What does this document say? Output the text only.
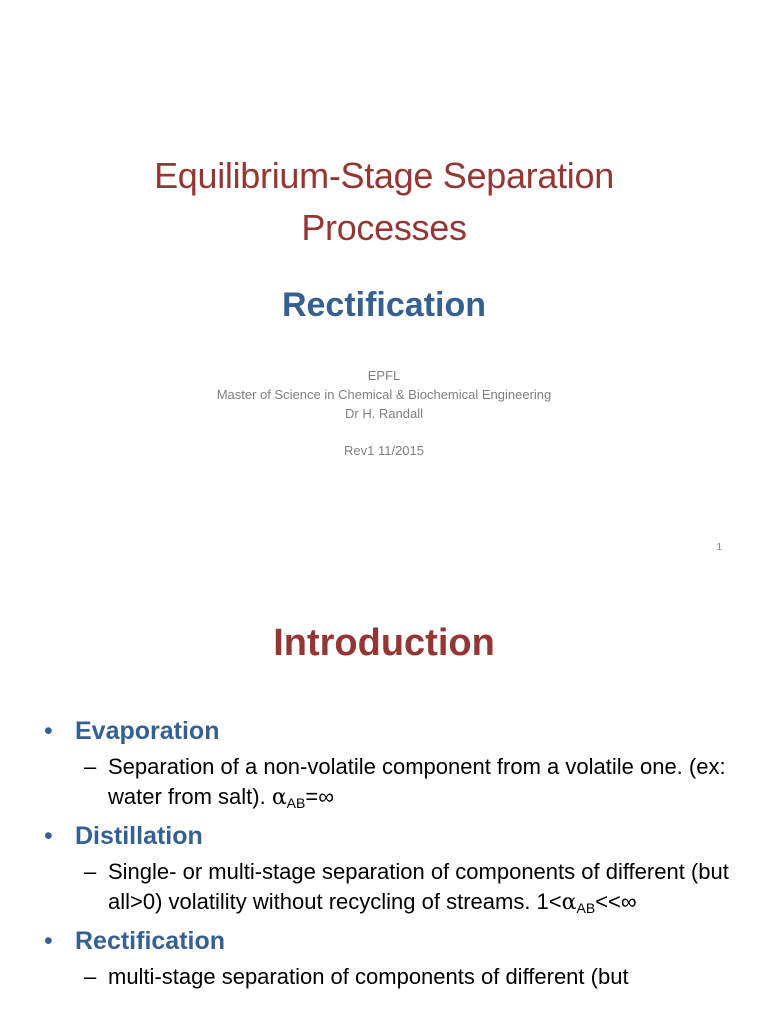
Equilibrium-Stage Separation
Processes
Rectification
EPFL
Master of Science in Chemical & Biochemical Engineering
Dr H. Randall
Rev1 11/2015
1
Introduction
• Evaporation
– Separation of a non-volatile component from a volatile one. (ex: water from salt). $\alpha_{AB}=\infty$
• Distillation
– Single- or multi-stage separation of components of different (but all>0) volatility without recycling of streams. $1<\alpha_{AB}<<\infty$
• Rectification
– multi-stage separation of components of different (but
